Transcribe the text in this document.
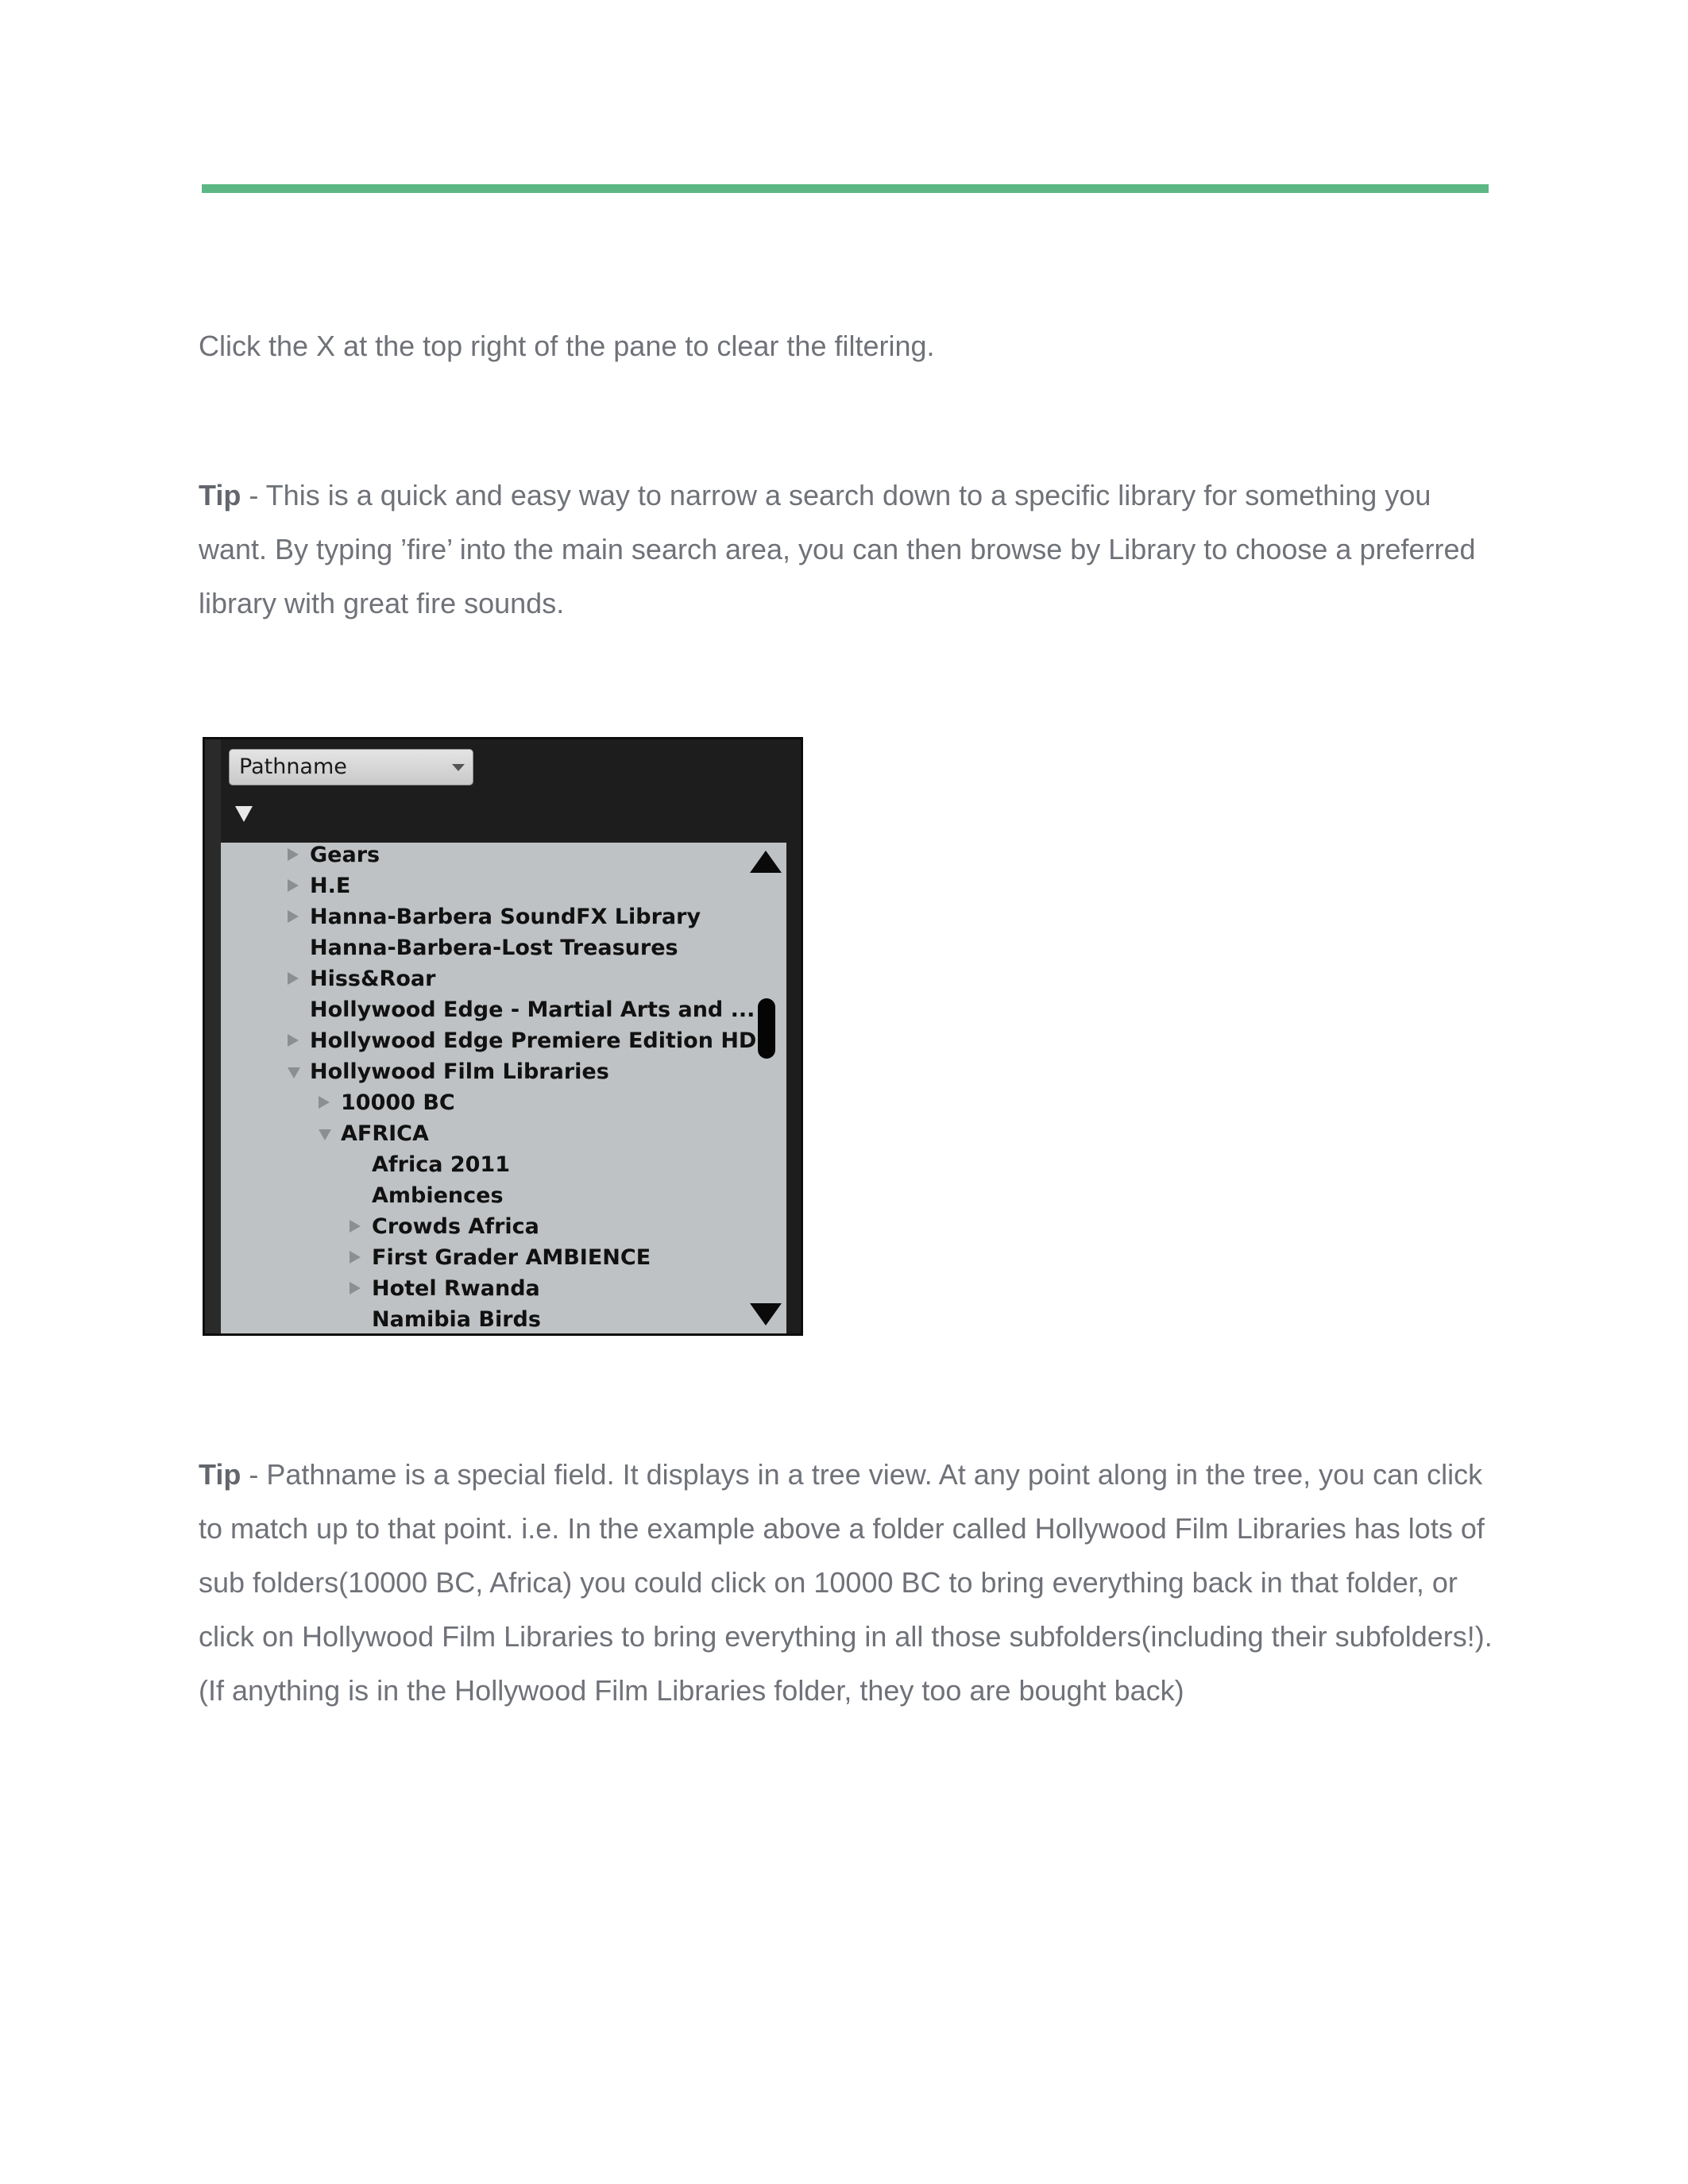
Click the X at the top right of the pane to clear the filtering.

Tip - This is a quick and easy way to narrow a search down to a specific library for something you want. By typing ’fire’ into the main search area, you can then browse by Library to choose a preferred library with great fire sounds.

Pathname
Namibia Birds
Hotel Rwanda
First Grader AMBIENCE
Crowds Africa
Ambiences
Africa 2011
AFRICA
10000 BC
Hollywood Film Libraries
Hollywood Edge Premiere Edition HD
Hollywood Edge - Martial Arts and ...
Hiss&Roar
Hanna-Barbera-Lost Treasures
Hanna-Barbera SoundFX Library
H.E
Gears

Tip - Pathname is a special field. It displays in a tree view. At any point along in the tree, you can click to match up to that point. i.e. In the example above a folder called Hollywood Film Libraries has lots of sub folders(10000 BC, Africa) you could click on 10000 BC to bring everything back in that folder, or click on Hollywood Film Libraries to bring everything in all those subfolders(including their subfolders!). (If anything is in the Hollywood Film Libraries folder, they too are bought back)
